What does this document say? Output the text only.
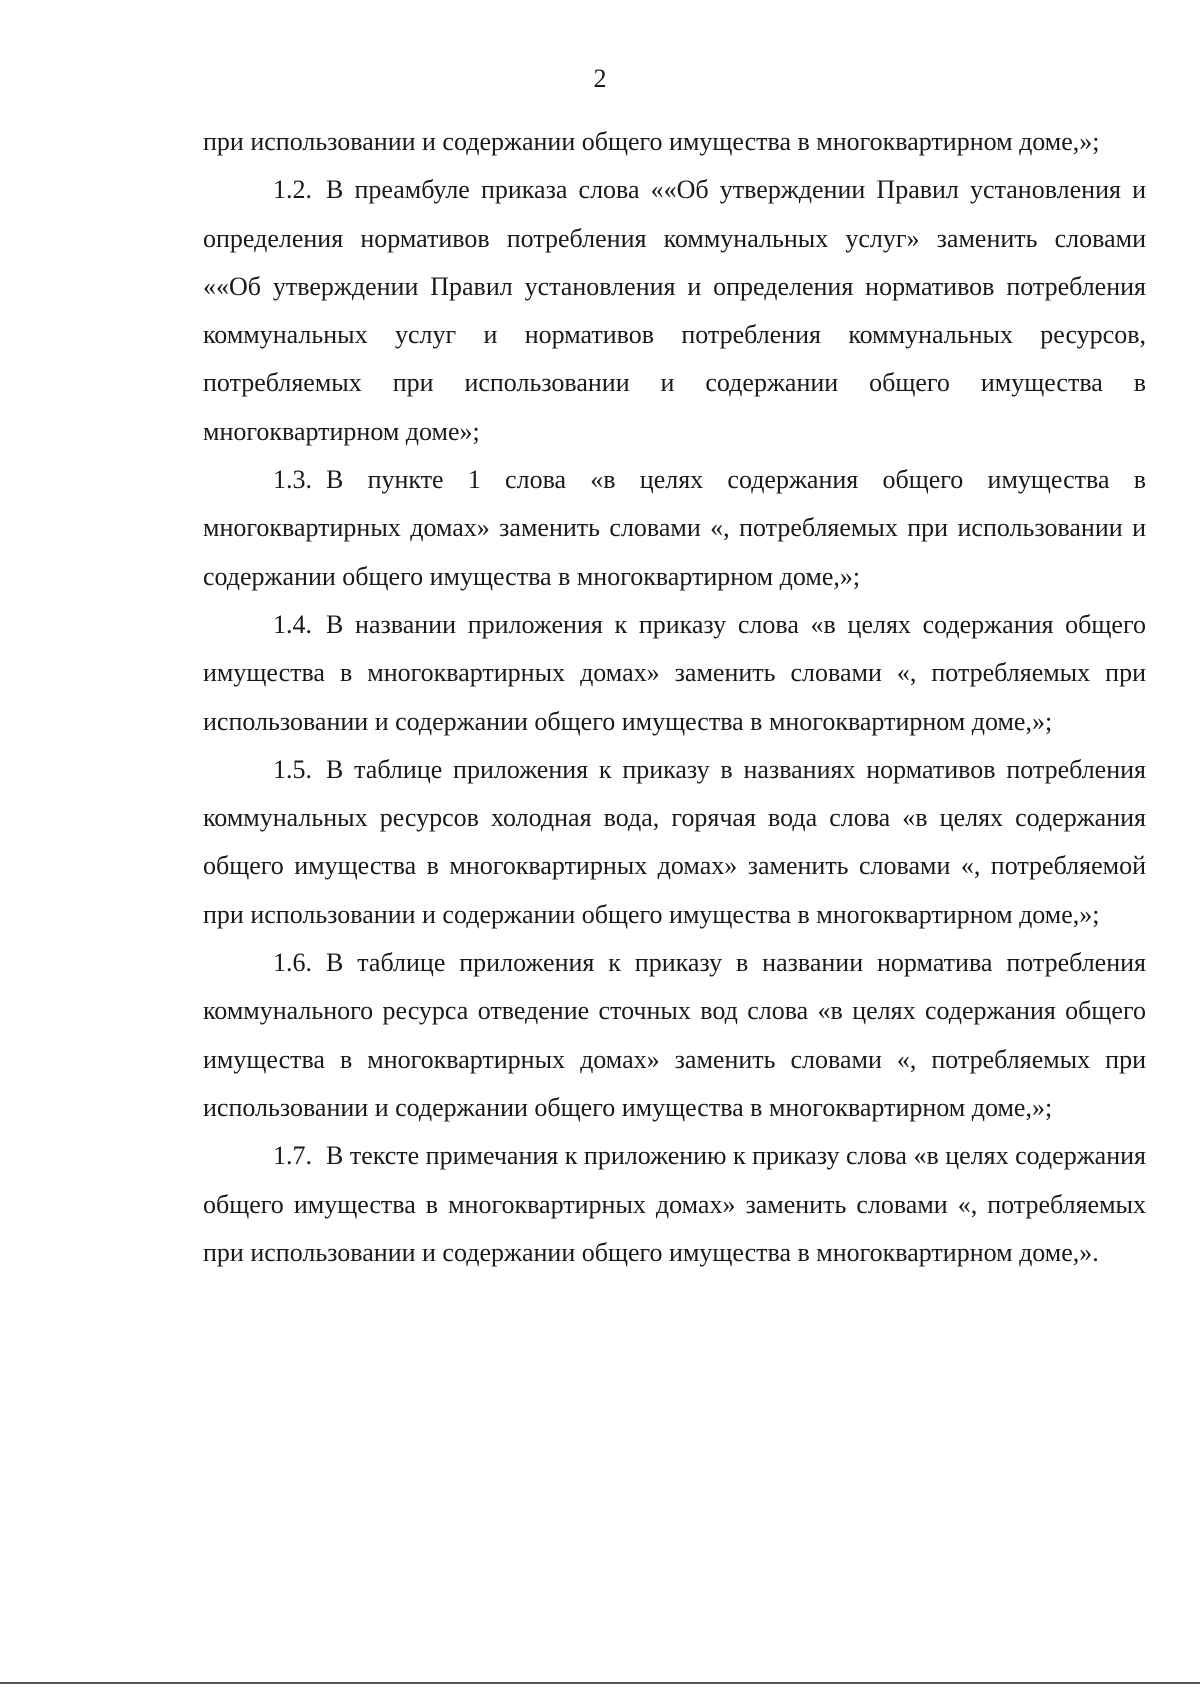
2

при использовании и содержании общего имущества в многоквартирном доме,»;

1.2. В преамбуле приказа слова ««Об утверждении Правил установления и определения нормативов потребления коммунальных услуг» заменить словами ««Об утверждении Правил установления и определения нормативов потребления коммунальных услуг и нормативов потребления коммунальных ресурсов, потребляемых при использовании и содержании общего имущества в многоквартирном доме»;

1.3. В пункте 1 слова «в целях содержания общего имущества в многоквартирных домах» заменить словами «, потребляемых при использовании и содержании общего имущества в многоквартирном доме,»;

1.4. В названии приложения к приказу слова «в целях содержания общего имущества в многоквартирных домах» заменить словами «, потребляемых при использовании и содержании общего имущества в многоквартирном доме,»;

1.5. В таблице приложения к приказу в названиях нормативов потребления коммунальных ресурсов холодная вода, горячая вода слова «в целях содержания общего имущества в многоквартирных домах» заменить словами «, потребляемой при использовании и содержании общего имущества в многоквартирном доме,»;

1.6. В таблице приложения к приказу в названии норматива потребления коммунального ресурса отведение сточных вод слова «в целях содержания общего имущества в многоквартирных домах» заменить словами «, потребляемых при использовании и содержании общего имущества в многоквартирном доме,»;

1.7. В тексте примечания к приложению к приказу слова «в целях содержания общего имущества в многоквартирных домах» заменить словами «, потребляемых при использовании и содержании общего имущества в многоквартирном доме,».
